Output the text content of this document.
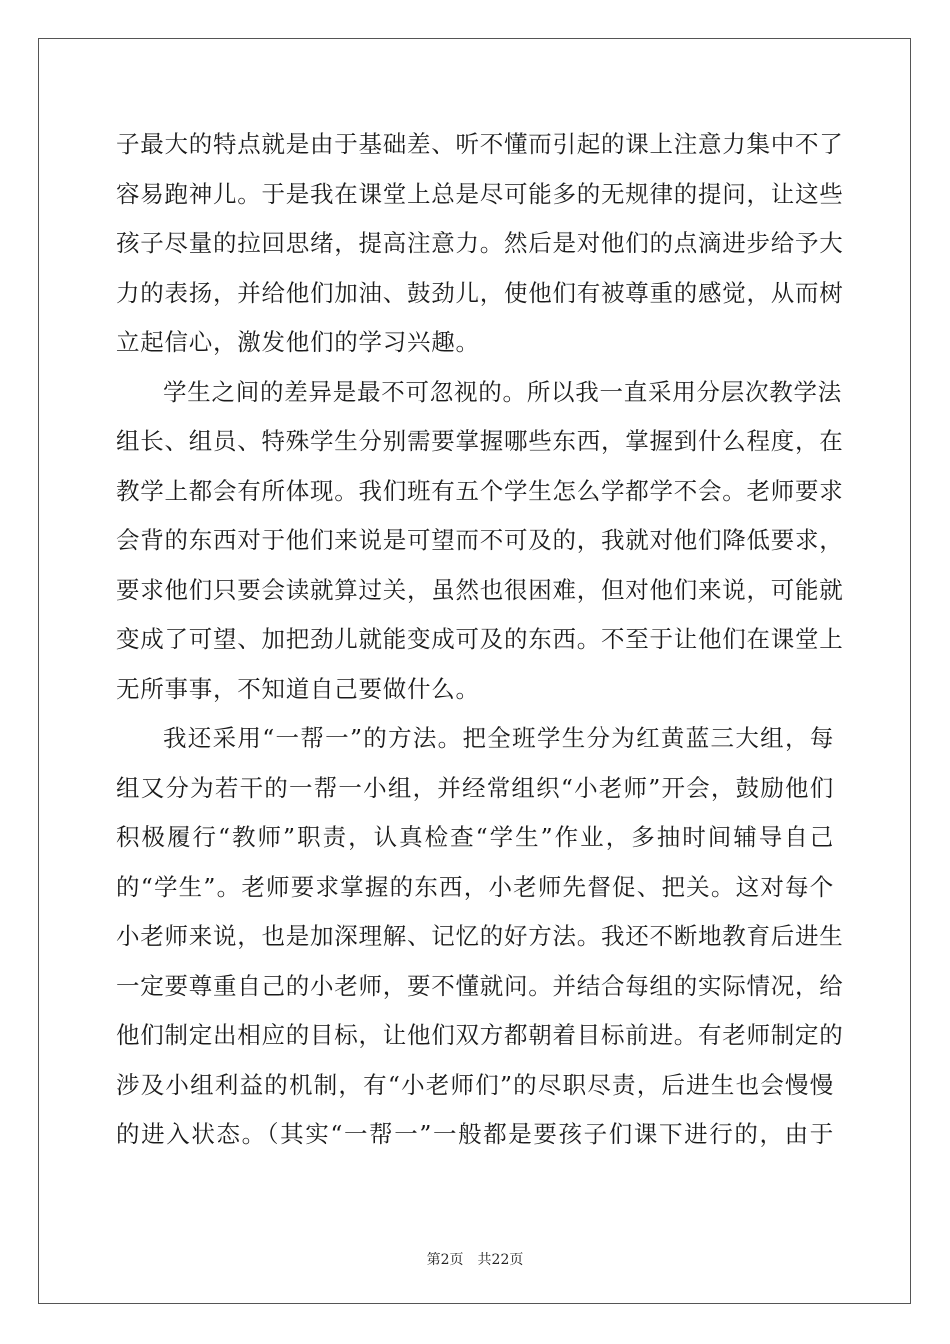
子最大的特点就是由于基础差、听不懂而引起的课上注意力集中不了
容易跑神儿。于是我在课堂上总是尽可能多的无规律的提问，让这些
孩子尽量的拉回思绪，提高注意力。然后是对他们的点滴进步给予大
力的表扬，并给他们加油、鼓劲儿，使他们有被尊重的感觉，从而树
立起信心，激发他们的学习兴趣。
学生之间的差异是最不可忽视的。所以我一直采用分层次教学法
组长、组员、特殊学生分别需要掌握哪些东西，掌握到什么程度，在
教学上都会有所体现。我们班有五个学生怎么学都学不会。老师要求
会背的东西对于他们来说是可望而不可及的，我就对他们降低要求，
要求他们只要会读就算过关，虽然也很困难，但对他们来说，可能就
变成了可望、加把劲儿就能变成可及的东西。不至于让他们在课堂上
无所事事，不知道自己要做什么。
我还采用“一帮一”的方法。把全班学生分为红黄蓝三大组，每
组又分为若干的一帮一小组，并经常组织“小老师”开会，鼓励他们
积极履行“教师”职责，认真检查“学生”作业，多抽时间辅导自己
的“学生”。老师要求掌握的东西，小老师先督促、把关。这对每个
小老师来说，也是加深理解、记忆的好方法。我还不断地教育后进生
一定要尊重自己的小老师，要不懂就问。并结合每组的实际情况，给
他们制定出相应的目标，让他们双方都朝着目标前进。有老师制定的
涉及小组利益的机制，有“小老师们”的尽职尽责，后进生也会慢慢
的进入状态。（其实“一帮一”一般都是要孩子们课下进行的，由于
第2页 共22页
